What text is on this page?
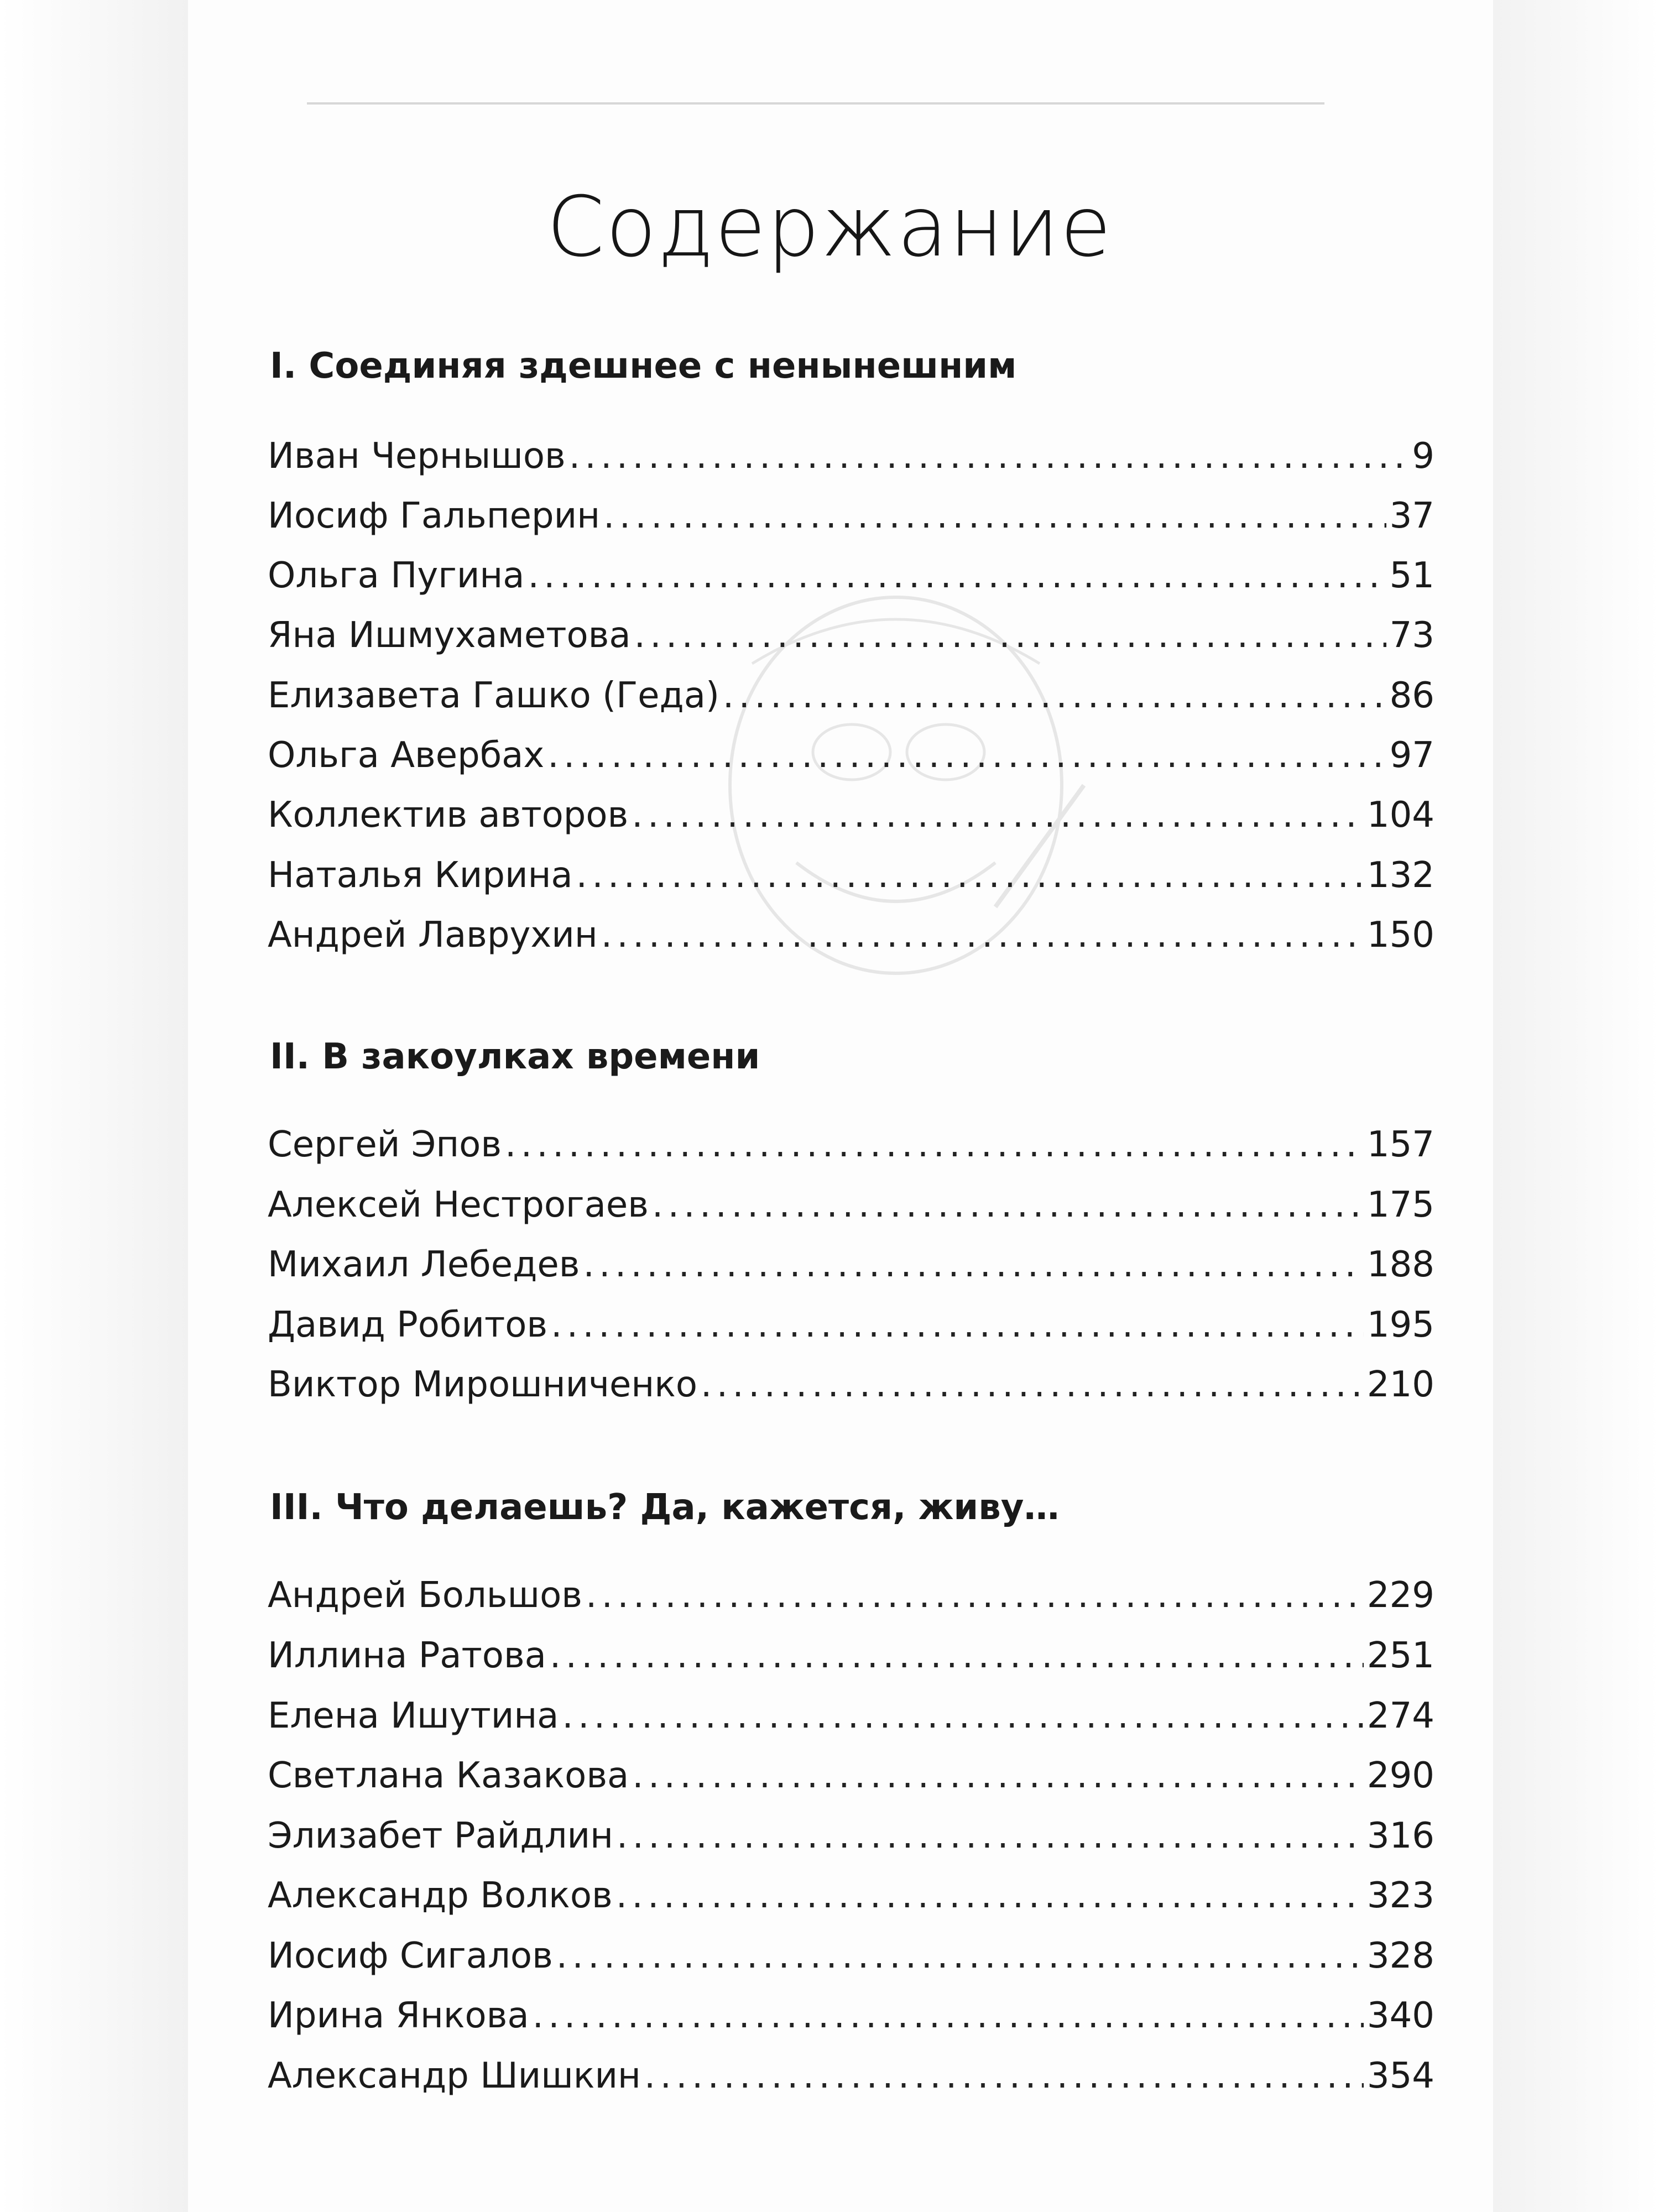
Содержание
I. Соединяя здешнее с ненынешним
Иван Чернышов . . .	9
Иосиф Гальперин . . .	37
Ольга Пугина . . .	51
Яна Ишмухаметова . . .	73
Елизавета Гашко (Геда) . . .	86
Ольга Авербах . . .	97
Коллектив авторов . . .	104
Наталья Кирина . . .	132
Андрей Лаврухин . . .	150
II. В закоулках времени
Сергей Эпов . . .	157
Алексей Нестрогаев . . .	175
Михаил Лебедев . . .	188
Давид Робитов . . .	195
Виктор Мирошниченко . . .	210
III. Что делаешь? Да, кажется, живу…
Андрей Большов . . .	229
Иллина Ратова . . .	251
Елена Ишутина . . .	274
Светлана Казакова . . .	290
Элизабет Райдлин . . .	316
Александр Волков . . .	323
Иосиф Сигалов . . .	328
Ирина Янкова . . .	340
Александр Шишкин . . .	354
